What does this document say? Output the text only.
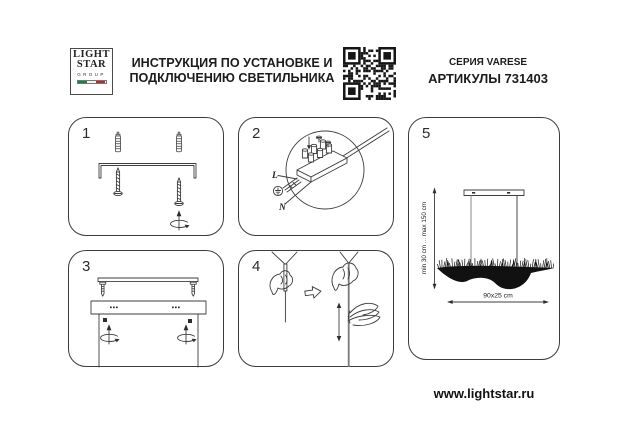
LIGHT
STAR
GROUP
ИНСТРУКЦИЯ ПО УСТАНОВКЕ И
ПОДКЛЮЧЕНИЮ СВЕТИЛЬНИКА
СЕРИЯ VARESE
АРТИКУЛЫ 731403
1	2
L
N
3	4
5
min 30 cm ... max 150 cm
90x25 cm
www.lightstar.ru
